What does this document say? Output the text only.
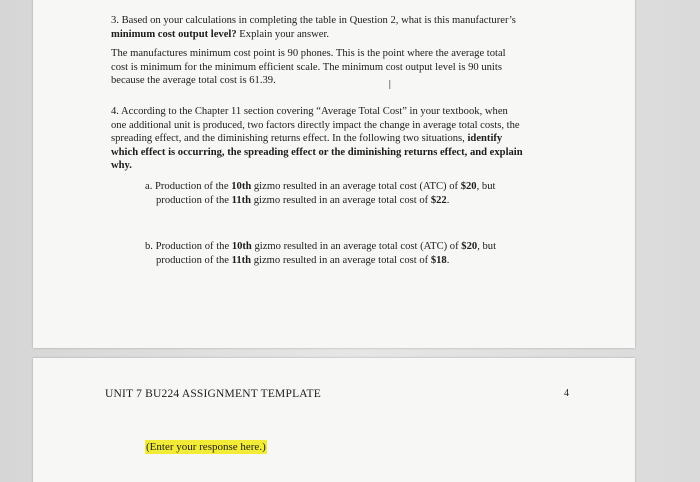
3. Based on your calculations in completing the table in Question 2, what is this manufacturer’s
minimum cost output level? Explain your answer.
The manufactures minimum cost point is 90 phones. This is the point where the average total
cost is minimum for the minimum efficient scale. The minimum cost output level is 90 units
because the average total cost is 61.39.	I
4. According to the Chapter 11 section covering “Average Total Cost” in your textbook, when
one additional unit is produced, two factors directly impact the change in average total costs, the
spreading effect, and the diminishing returns effect. In the following two situations, identify
which effect is occurring, the spreading effect or the diminishing returns effect, and explain
why.
a. Production of the 10th gizmo resulted in an average total cost (ATC) of $20, but
production of the 11th gizmo resulted in an average total cost of $22.
b. Production of the 10th gizmo resulted in an average total cost (ATC) of $20, but
production of the 11th gizmo resulted in an average total cost of $18.
UNIT 7 BU224 ASSIGNMENT TEMPLATE	4
(Enter your response here.)
